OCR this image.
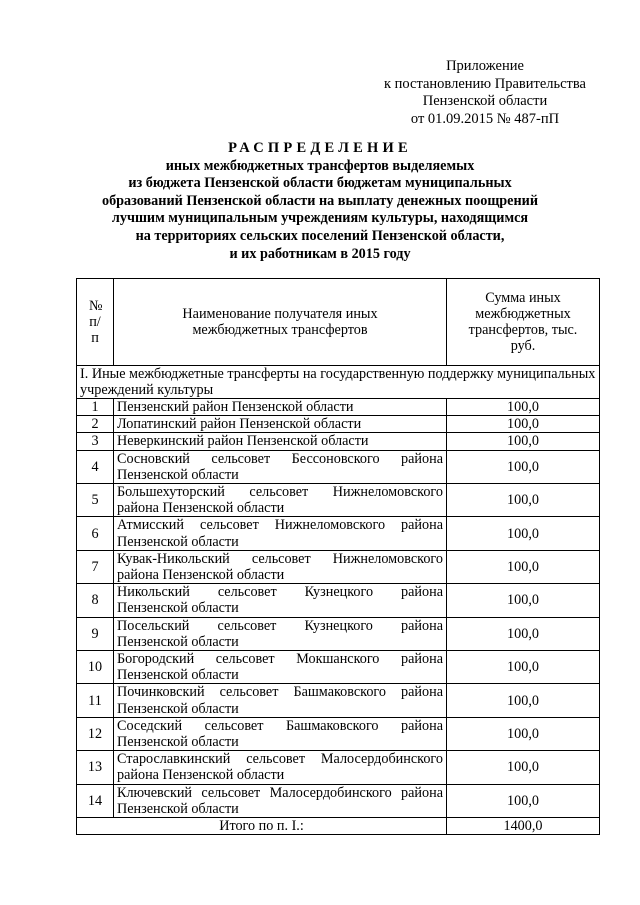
Приложение
к постановлению Правительства
Пензенской области
от 01.09.2015 № 487-пП
РАСПРЕДЕЛЕНИЕ
иных межбюджетных трансфертов выделяемых
из бюджета Пензенской области бюджетам муниципальных
образований Пензенской области на выплату денежных поощрений
лучшим муниципальным учреждениям культуры, находящимся
на территориях сельских поселений Пензенской области,
и их работникам в 2015 году
№ п/п	Наименование получателя иных межбюджетных трансфертов	Сумма иных межбюджетных трансфертов, тыс. руб.
I. Иные межбюджетные трансферты на государственную поддержку муниципальных учреждений культуры		
1	Пензенский район Пензенской области	100,0
2	Лопатинский район Пензенской области	100,0
3	Неверкинский район Пензенской области	100,0
4	Сосновский сельсовет Бессоновского района Пензенской области	100,0
5	Большехуторский сельсовет Нижнеломовского района Пензенской области	100,0
6	Атмисский сельсовет Нижнеломовского района Пензенской области	100,0
7	Кувак-Никольский сельсовет Нижнеломовского района Пензенской области	100,0
8	Никольский сельсовет Кузнецкого района Пензенской области	100,0
9	Посельский сельсовет Кузнецкого района Пензенской области	100,0
10	Богородский сельсовет Мокшанского района Пензенской области	100,0
11	Починковский сельсовет Башмаковского района Пензенской области	100,0
12	Соседский сельсовет Башмаковского района Пензенской области	100,0
13	Старославкинский сельсовет Малосердобинского района Пензенской области	100,0
14	Ключевский сельсовет Малосердобинского района Пензенской области	100,0
Итого по п. I.:		1400,0
